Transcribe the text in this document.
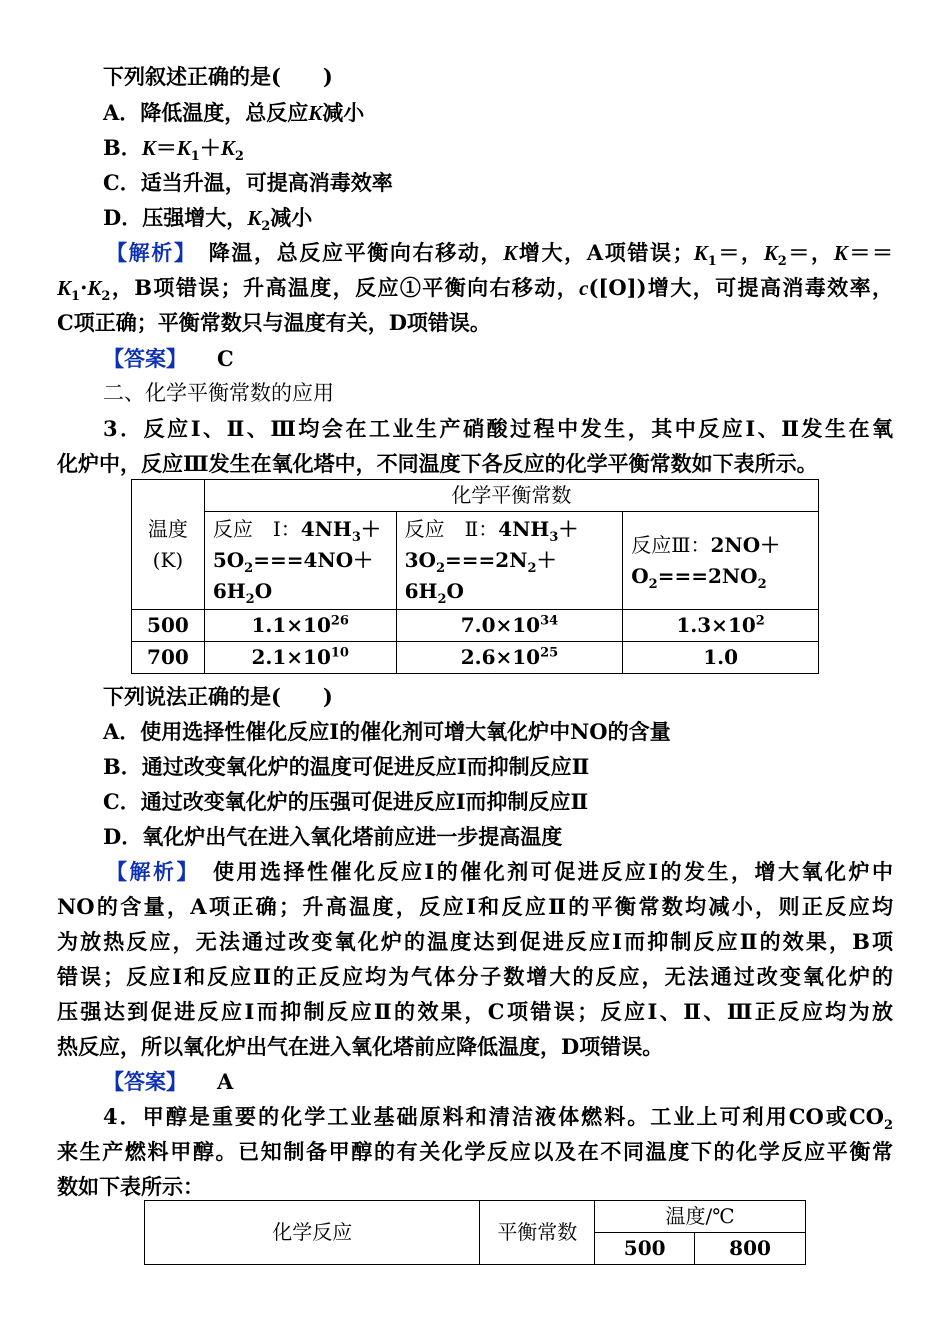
下列叙述正确的是(　　)
A．降低温度，总反应K减小
B．$K=K_1+K_2$
C．适当升温，可提高消毒效率
D．压强增大，$K_2$减小
【解析】　降温，总反应平衡向右移动，K增大，A项错误；$K_1=$，$K_2=$，K＝＝
$K_1\cdot K_2$，B项错误；升高温度，反应①平衡向右移动，c([O])增大，可提高消毒效率，
C项正确；平衡常数只与温度有关，D项错误。
【答案】 C
二、化学平衡常数的应用
3．反应Ⅰ、Ⅱ、Ⅲ均会在工业生产硝酸过程中发生，其中反应Ⅰ、Ⅱ发生在氧
化炉中，反应Ⅲ发生在氧化塔中，不同温度下各反应的化学平衡常数如下表所示。
温度
(K)	化学平衡常数		
	反应　Ⅰ：$4NH_3+$
$5O_2===4NO+$
$6H_2O$	反应　Ⅱ：$4NH_3+$
$3O_2===2N_2+6H_2O$	反应Ⅲ：2NO＋
$O_2===2NO_2$
500	$1.1\times 10^{26}$	$7.0\times 10^{34}$	$1.3\times 10^2$
700	$2.1\times 10^{10}$	$2.6\times 10^{25}$	1.0
下列说法正确的是(　　)
A．使用选择性催化反应Ⅰ的催化剂可增大氧化炉中NO的含量
B．通过改变氧化炉的温度可促进反应Ⅰ而抑制反应Ⅱ
C．通过改变氧化炉的压强可促进反应Ⅰ而抑制反应Ⅱ
D．氧化炉出气在进入氧化塔前应进一步提高温度
【解析】　使用选择性催化反应Ⅰ的催化剂可促进反应Ⅰ的发生，增大氧化炉中
NO的含量，A项正确；升高温度，反应Ⅰ和反应Ⅱ的平衡常数均减小，则正反应均
为放热反应，无法通过改变氧化炉的温度达到促进反应Ⅰ而抑制反应Ⅱ的效果，B项
错误；反应Ⅰ和反应Ⅱ的正反应均为气体分子数增大的反应，无法通过改变氧化炉的
压强达到促进反应Ⅰ而抑制反应Ⅱ的效果，C项错误；反应Ⅰ、Ⅱ、Ⅲ正反应均为放
热反应，所以氧化炉出气在进入氧化塔前应降低温度，D项错误。
【答案】 A
4．甲醇是重要的化学工业基础原料和清洁液体燃料。工业上可利用CO或$CO_2$
来生产燃料甲醇。已知制备甲醇的有关化学反应以及在不同温度下的化学反应平衡常
数如下表所示：
化学反应	平衡常数	温度/℃	
		500	800
